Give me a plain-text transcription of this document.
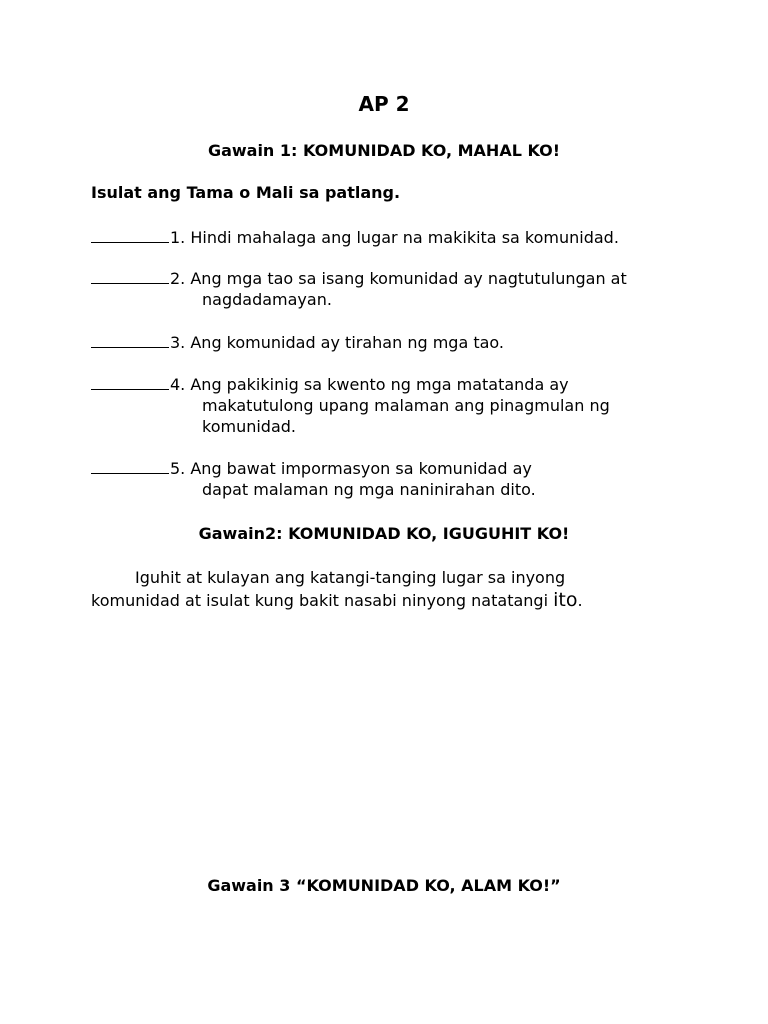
AP 2
Gawain 1: KOMUNIDAD KO, MAHAL KO!
Isulat ang Tama o Mali sa patlang.
1. Hindi mahalaga ang lugar na makikita sa komunidad.
2. Ang mga tao sa isang komunidad ay nagtutulungan at
nagdadamayan.
3. Ang komunidad ay tirahan ng mga tao.
4. Ang pakikinig sa kwento ng mga matatanda ay
makatutulong upang malaman ang pinagmulan ng
komunidad.
5. Ang bawat impormasyon sa komunidad ay
dapat malaman ng mga naninirahan dito.
Gawain2: KOMUNIDAD KO, IGUGUHIT KO!
Iguhit at kulayan ang katangi-tanging lugar sa inyong
komunidad at isulat kung bakit nasabi ninyong natatangi ito.
Gawain 3 “KOMUNIDAD KO, ALAM KO!”
